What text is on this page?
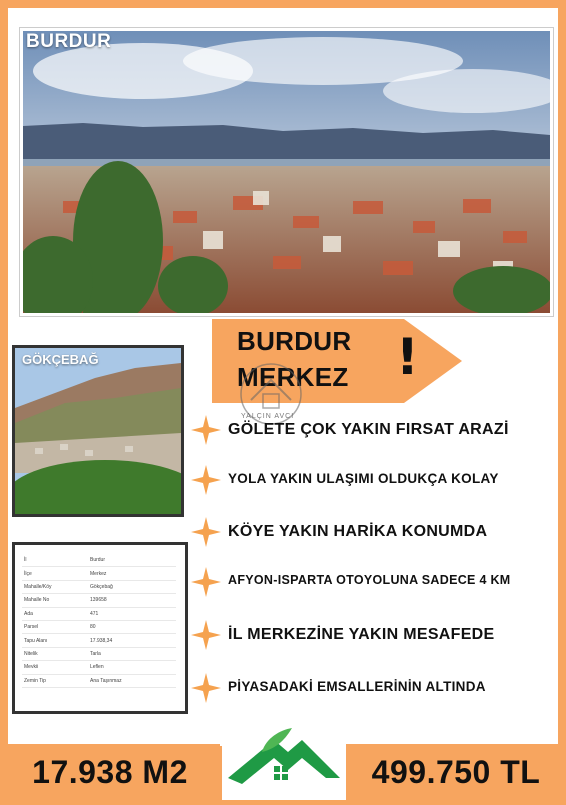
BURDUR
GÖKÇEBAĞ
BURDUR
MERKEZ !
YALÇIN AVCI
GÖLETE ÇOK YAKIN FIRSAT ARAZİ
YOLA YAKIN ULAŞIMI OLDUKÇA KOLAY
KÖYE YAKIN HARİKA KONUMDA
AFYON-ISPARTA OTOYOLUNA SADECE 4 KM
İL MERKEZİNE YAKIN MESAFEDE
PİYASADAKİ EMSALLERİNİN ALTINDA
İl	Burdur
İlçe	Merkez
Mahalle/Köy	Gökçebağ
Mahalle No	139658
Ada	471
Parsel	80
Tapu Alanı	17.938,34
Nitelik	Tarla
Mevkii	Leflen
Zemin Tip	Ana Taşınmaz
17.938 M2	499.750 TL
